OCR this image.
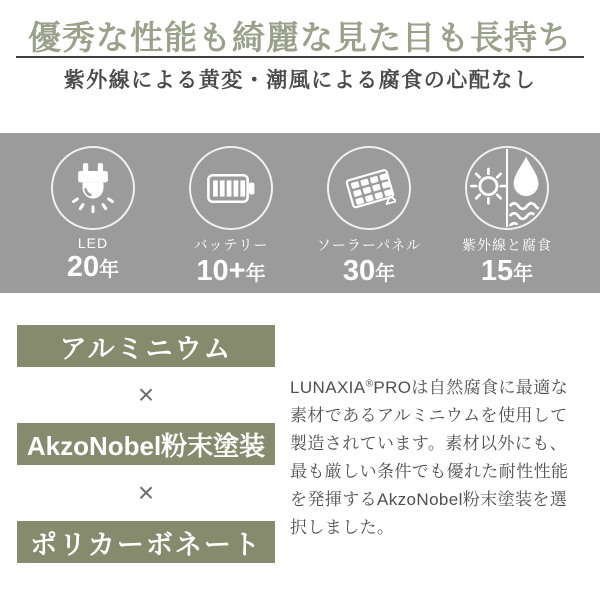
優秀な性能も綺麗な見た目も長持ち
紫外線による黄変・潮風による腐食の心配なし
LED
20年
バッテリー
10+年
ソーラーパネル
30年
紫外線と腐食
15年
アルミニウム
×
AkzoNobel粉末塗装
×
ポリカーボネート

LUNAXIA®PROは自然腐食に最適な素材であるアルミニウムを使用して製造されています。素材以外にも、最も厳しい条件でも優れた耐性性能を発揮するAkzoNobel粉末塗装を選択しました。
